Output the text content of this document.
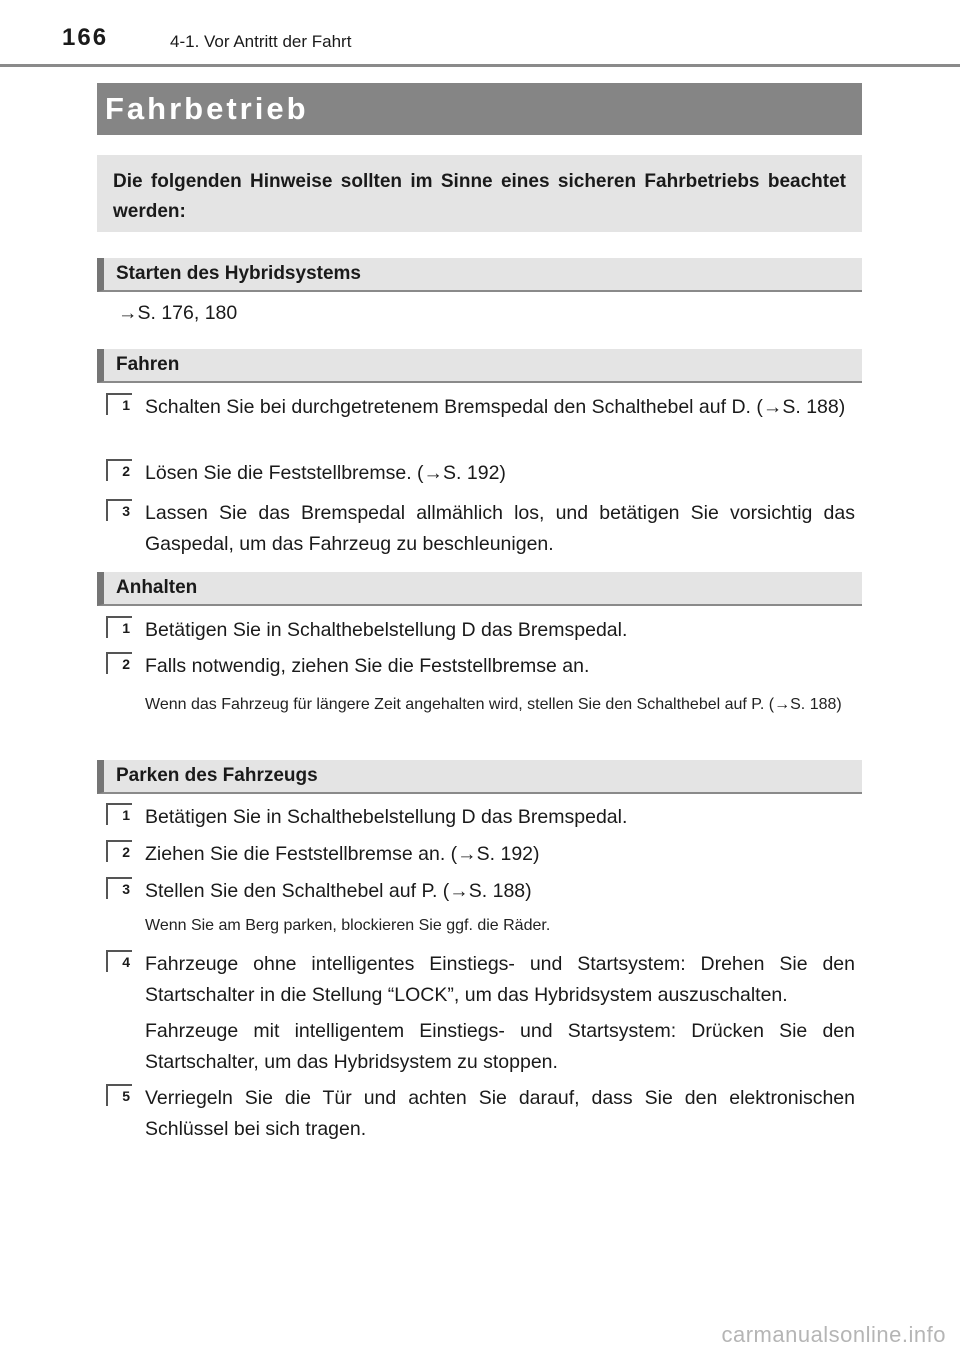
166	4-1. Vor Antritt der Fahrt
Fahrbetrieb
Die folgenden Hinweise sollten im Sinne eines sicheren Fahrbetriebs beachtet werden:
Starten des Hybridsystems
→S. 176, 180
Fahren
1 Schalten Sie bei durchgetretenem Bremspedal den Schalthebel auf D. (→S. 188)
2 Lösen Sie die Feststellbremse. (→S. 192)
3 Lassen Sie das Bremspedal allmählich los, und betätigen Sie vorsichtig das Gaspedal, um das Fahrzeug zu beschleunigen.
Anhalten
1 Betätigen Sie in Schalthebelstellung D das Bremspedal.
2 Falls notwendig, ziehen Sie die Feststellbremse an.
Wenn das Fahrzeug für längere Zeit angehalten wird, stellen Sie den Schalthebel auf P. (→S. 188)
Parken des Fahrzeugs
1 Betätigen Sie in Schalthebelstellung D das Bremspedal.
2 Ziehen Sie die Feststellbremse an. (→S. 192)
3 Stellen Sie den Schalthebel auf P. (→S. 188)
Wenn Sie am Berg parken, blockieren Sie ggf. die Räder.
4 Fahrzeuge ohne intelligentes Einstiegs- und Startsystem: Drehen Sie den Startschalter in die Stellung “LOCK”, um das Hybridsystem auszuschalten.
Fahrzeuge mit intelligentem Einstiegs- und Startsystem: Drücken Sie den Startschalter, um das Hybridsystem zu stoppen.
5 Verriegeln Sie die Tür und achten Sie darauf, dass Sie den elektronischen Schlüssel bei sich tragen.
carmanualsonline.info
